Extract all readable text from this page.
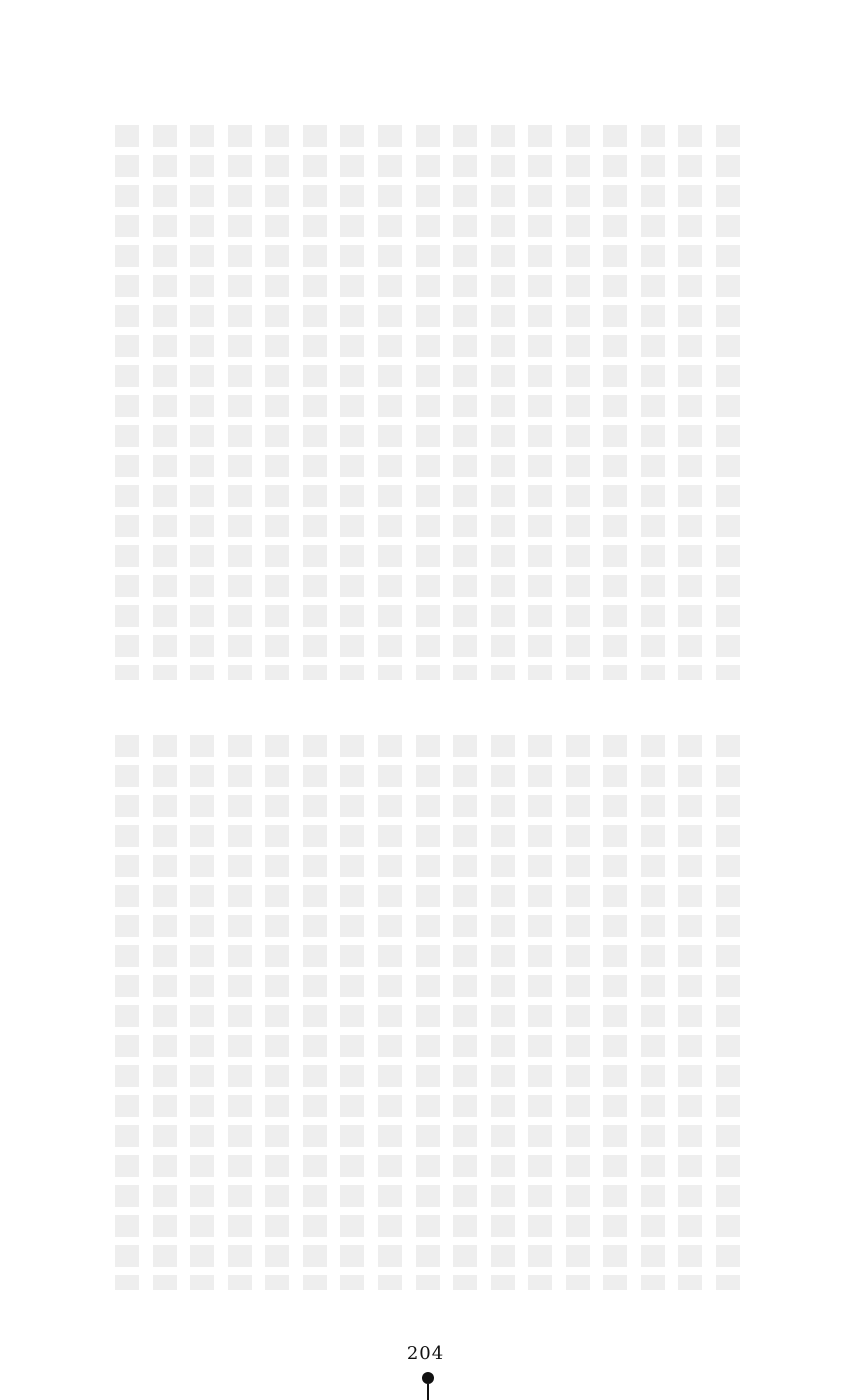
204
